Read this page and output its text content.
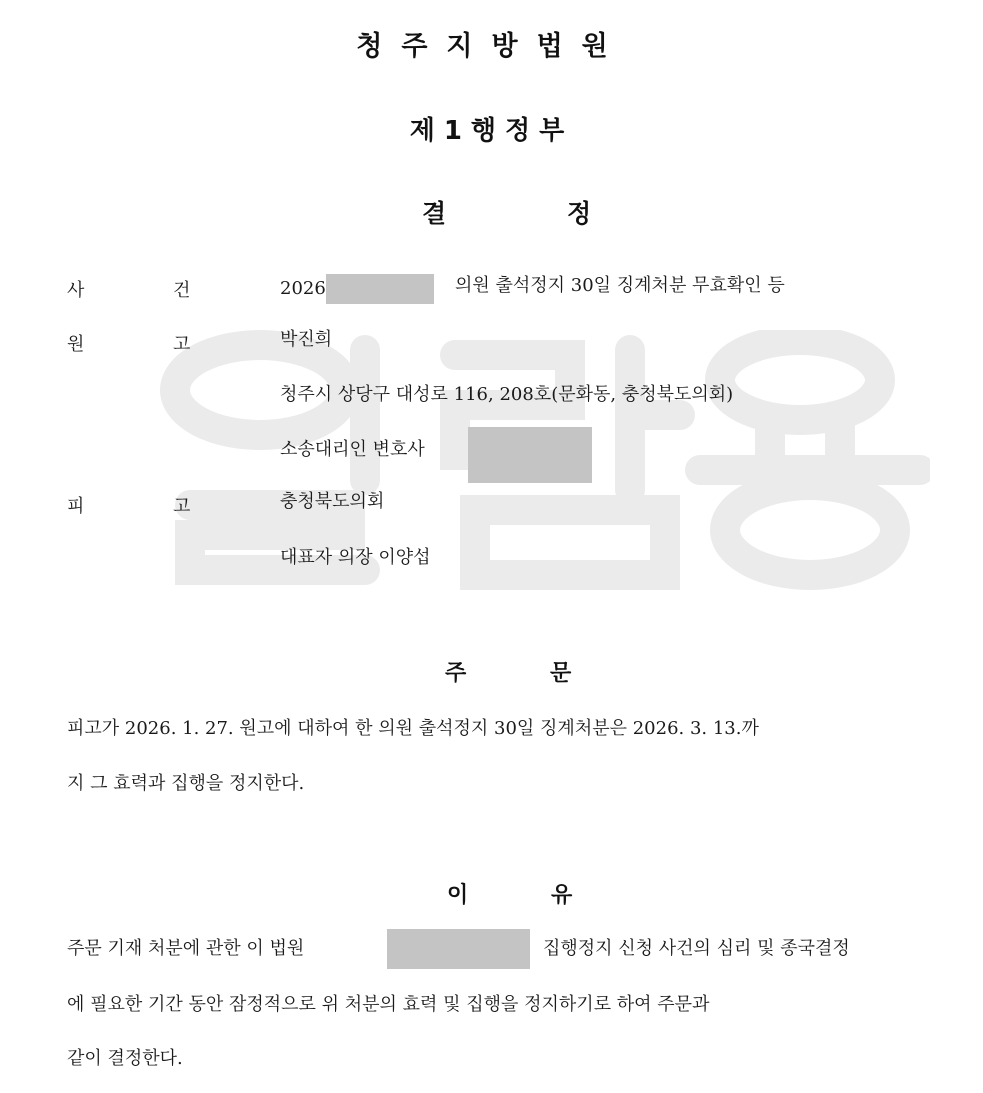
청주지방법원
제1행정부
결	정
사	건	2026	의원 출석정지 30일 징계처분 무효확인 등
원	고	박진희
청주시 상당구 대성로 116, 208호(문화동, 충청북도의회)
소송대리인 변호사
피	고	충청북도의회
대표자 의장 이양섭
주	문
피고가 2026. 1. 27. 원고에 대하여 한 의원 출석정지 30일 징계처분은 2026. 3. 13.까
지 그 효력과 집행을 정지한다.
이	유
주문 기재 처분에 관한 이 법원	집행정지 신청 사건의 심리 및 종국결정
에 필요한 기간 동안 잠정적으로 위 처분의 효력 및 집행을 정지하기로 하여 주문과
같이 결정한다.
